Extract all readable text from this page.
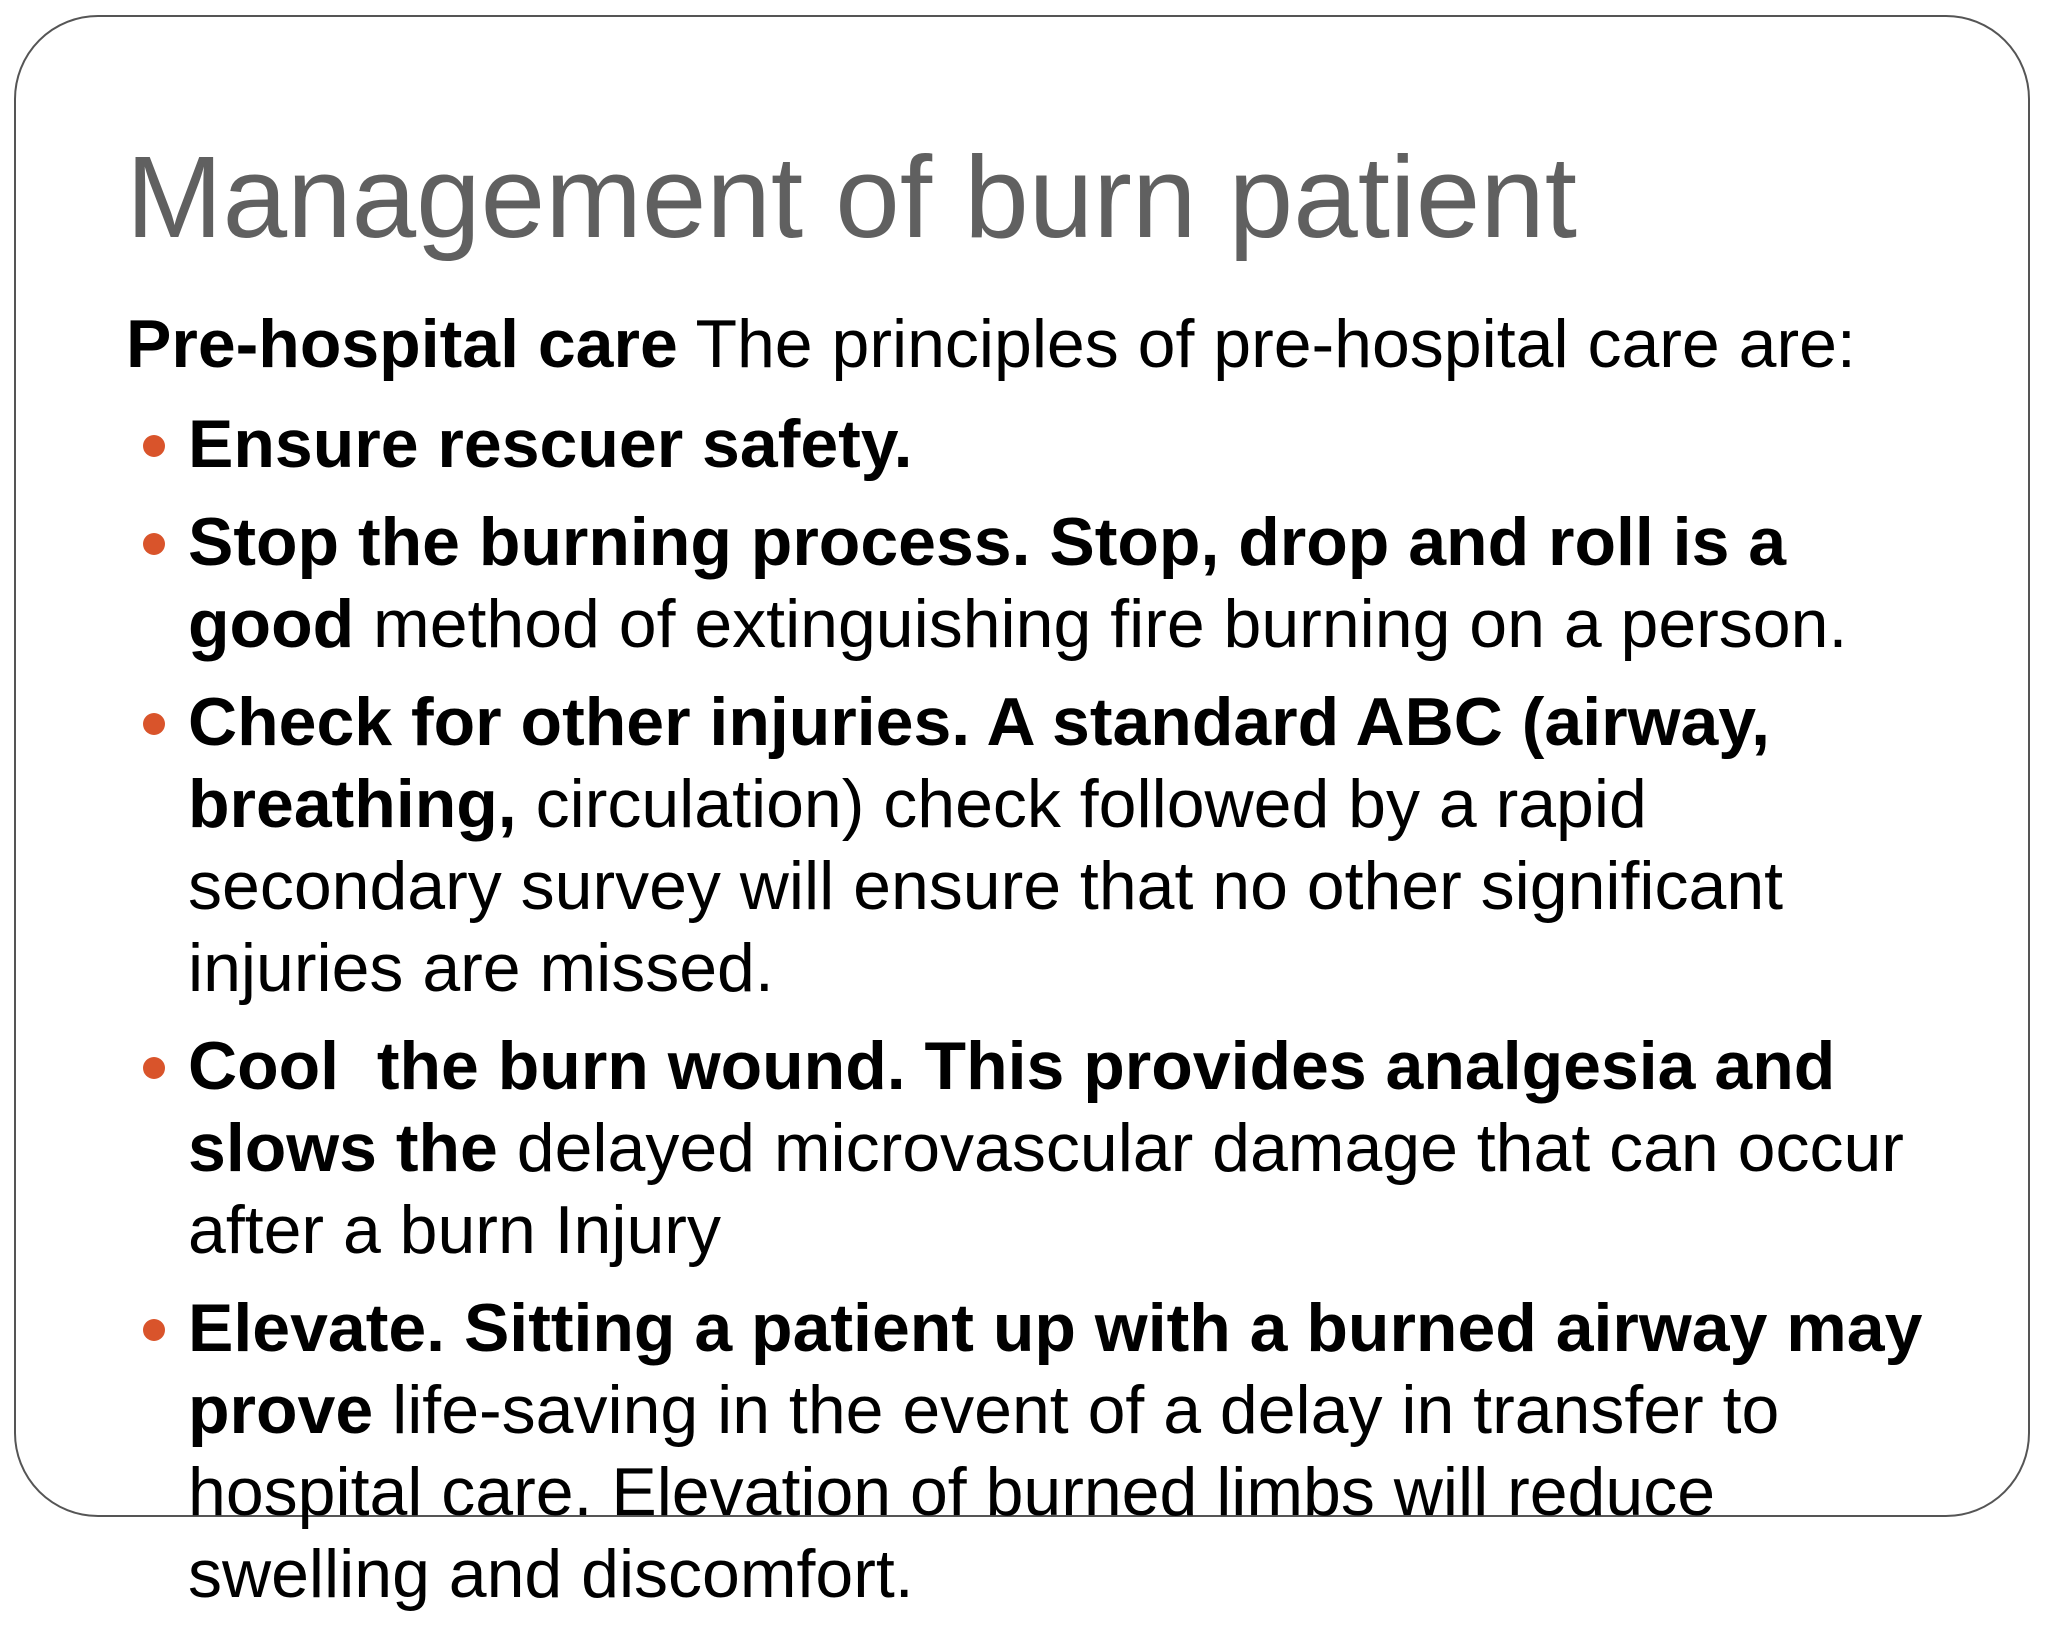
Management of burn patient

Pre-hospital care The principles of pre-hospital care are:

Ensure rescuer safety.
Stop the burning process. Stop, drop and roll is a
good method of extinguishing fire burning on a person.
Check for other injuries. A standard ABC (airway,
breathing, circulation) check followed by a rapid
secondary survey will ensure that no other significant
injuries are missed.
Cool  the burn wound. This provides analgesia and
slows the delayed microvascular damage that can occur
after a burn Injury
Elevate. Sitting a patient up with a burned airway may
prove life-saving in the event of a delay in transfer to
hospital care. Elevation of burned limbs will reduce
swelling and discomfort.
